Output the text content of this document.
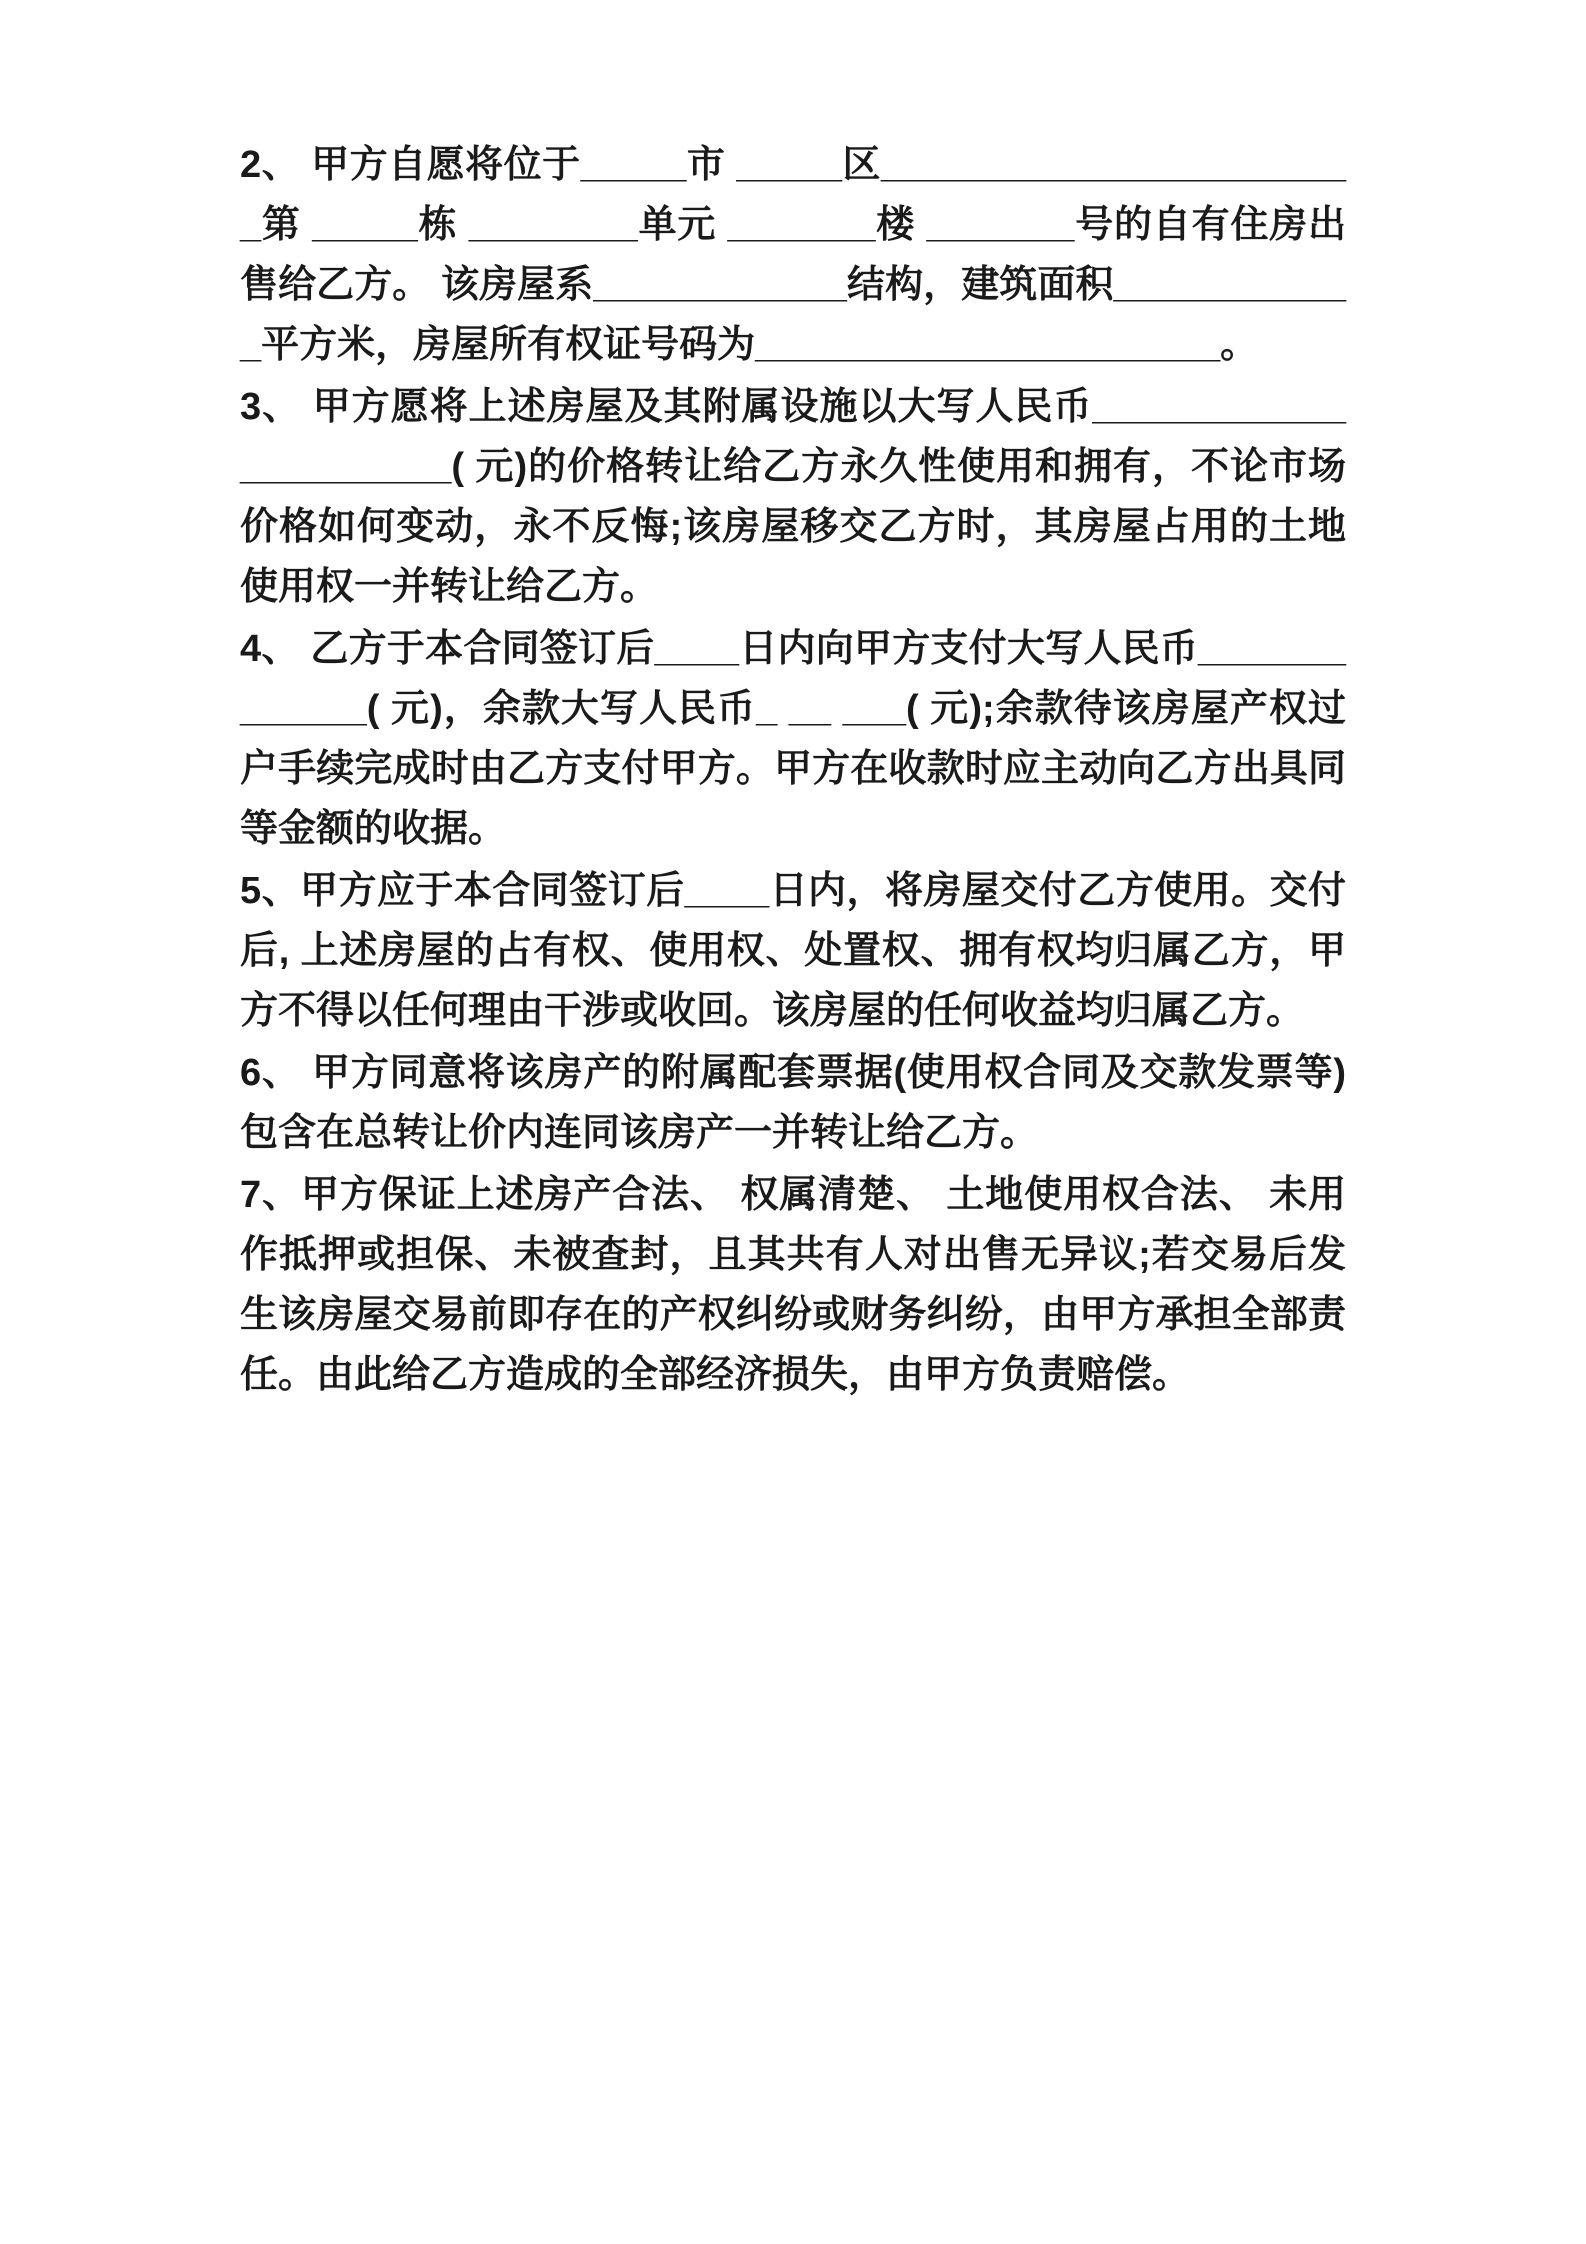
2、 甲方自愿将位于_____市 _____区_______________________第 _____栋 ________单元 _______楼 _______号的自有住房出售给乙方。 该房屋系____________结构，建筑面积____________平方米，房屋所有权证号码为______________________。

3、 甲方愿将上述房屋及其附属设施以大写人民币____________ __________( 元)的价格转让给乙方永久性使用和拥有，不论市场价格如何变动，永不反悔;该房屋移交乙方时，其房屋占用的土地使用权一并转让给乙方。

4、 乙方于本合同签订后____日内向甲方支付大写人民币_____________( 元)，余款大写人民币_ __ ___( 元);余款待该房屋产权过户手续完成时由乙方支付甲方。甲方在收款时应主动向乙方出具同等金额的收据。

5、甲方应于本合同签订后____日内，将房屋交付乙方使用。交付后, 上述房屋的占有权、使用权、处置权、拥有权均归属乙方，甲方不得以任何理由干涉或收回。该房屋的任何收益均归属乙方。

6、 甲方同意将该房产的附属配套票据(使用权合同及交款发票等)包含在总转让价内连同该房产一并转让给乙方。

7、甲方保证上述房产合法、 权属清楚、 土地使用权合法、 未用作抵押或担保、未被查封，且其共有人对出售无异议;若交易后发生该房屋交易前即存在的产权纠纷或财务纠纷，由甲方承担全部责任。由此给乙方造成的全部经济损失，由甲方负责赔偿。
